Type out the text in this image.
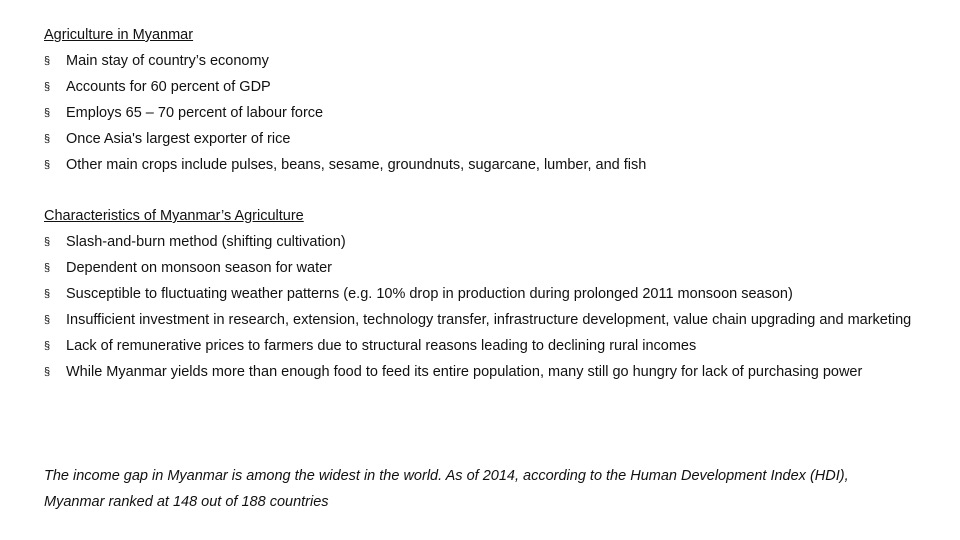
Agriculture in Myanmar
§	Main stay of country’s economy
§	Accounts for 60 percent of GDP
§	Employs 65 – 70 percent of labour force
§	Once Asia's largest exporter of rice
§	Other main crops include pulses, beans, sesame, groundnuts, sugarcane, lumber, and fish
Characteristics of Myanmar’s Agriculture
§	Slash-and-burn method (shifting cultivation)
§	Dependent on monsoon season for water
§	Susceptible to fluctuating weather patterns (e.g. 10% drop in production during prolonged 2011 monsoon season)
§	Insufficient investment in research, extension, technology transfer, infrastructure development, value chain upgrading and marketing
§	Lack of remunerative prices to farmers due to structural reasons leading to declining rural incomes
§	While Myanmar yields more than enough food to feed its entire population, many still go hungry for lack of purchasing power
The income gap in Myanmar is among the widest in the world. As of 2014, according to the Human Development Index (HDI), Myanmar ranked at 148 out of 188 countries
